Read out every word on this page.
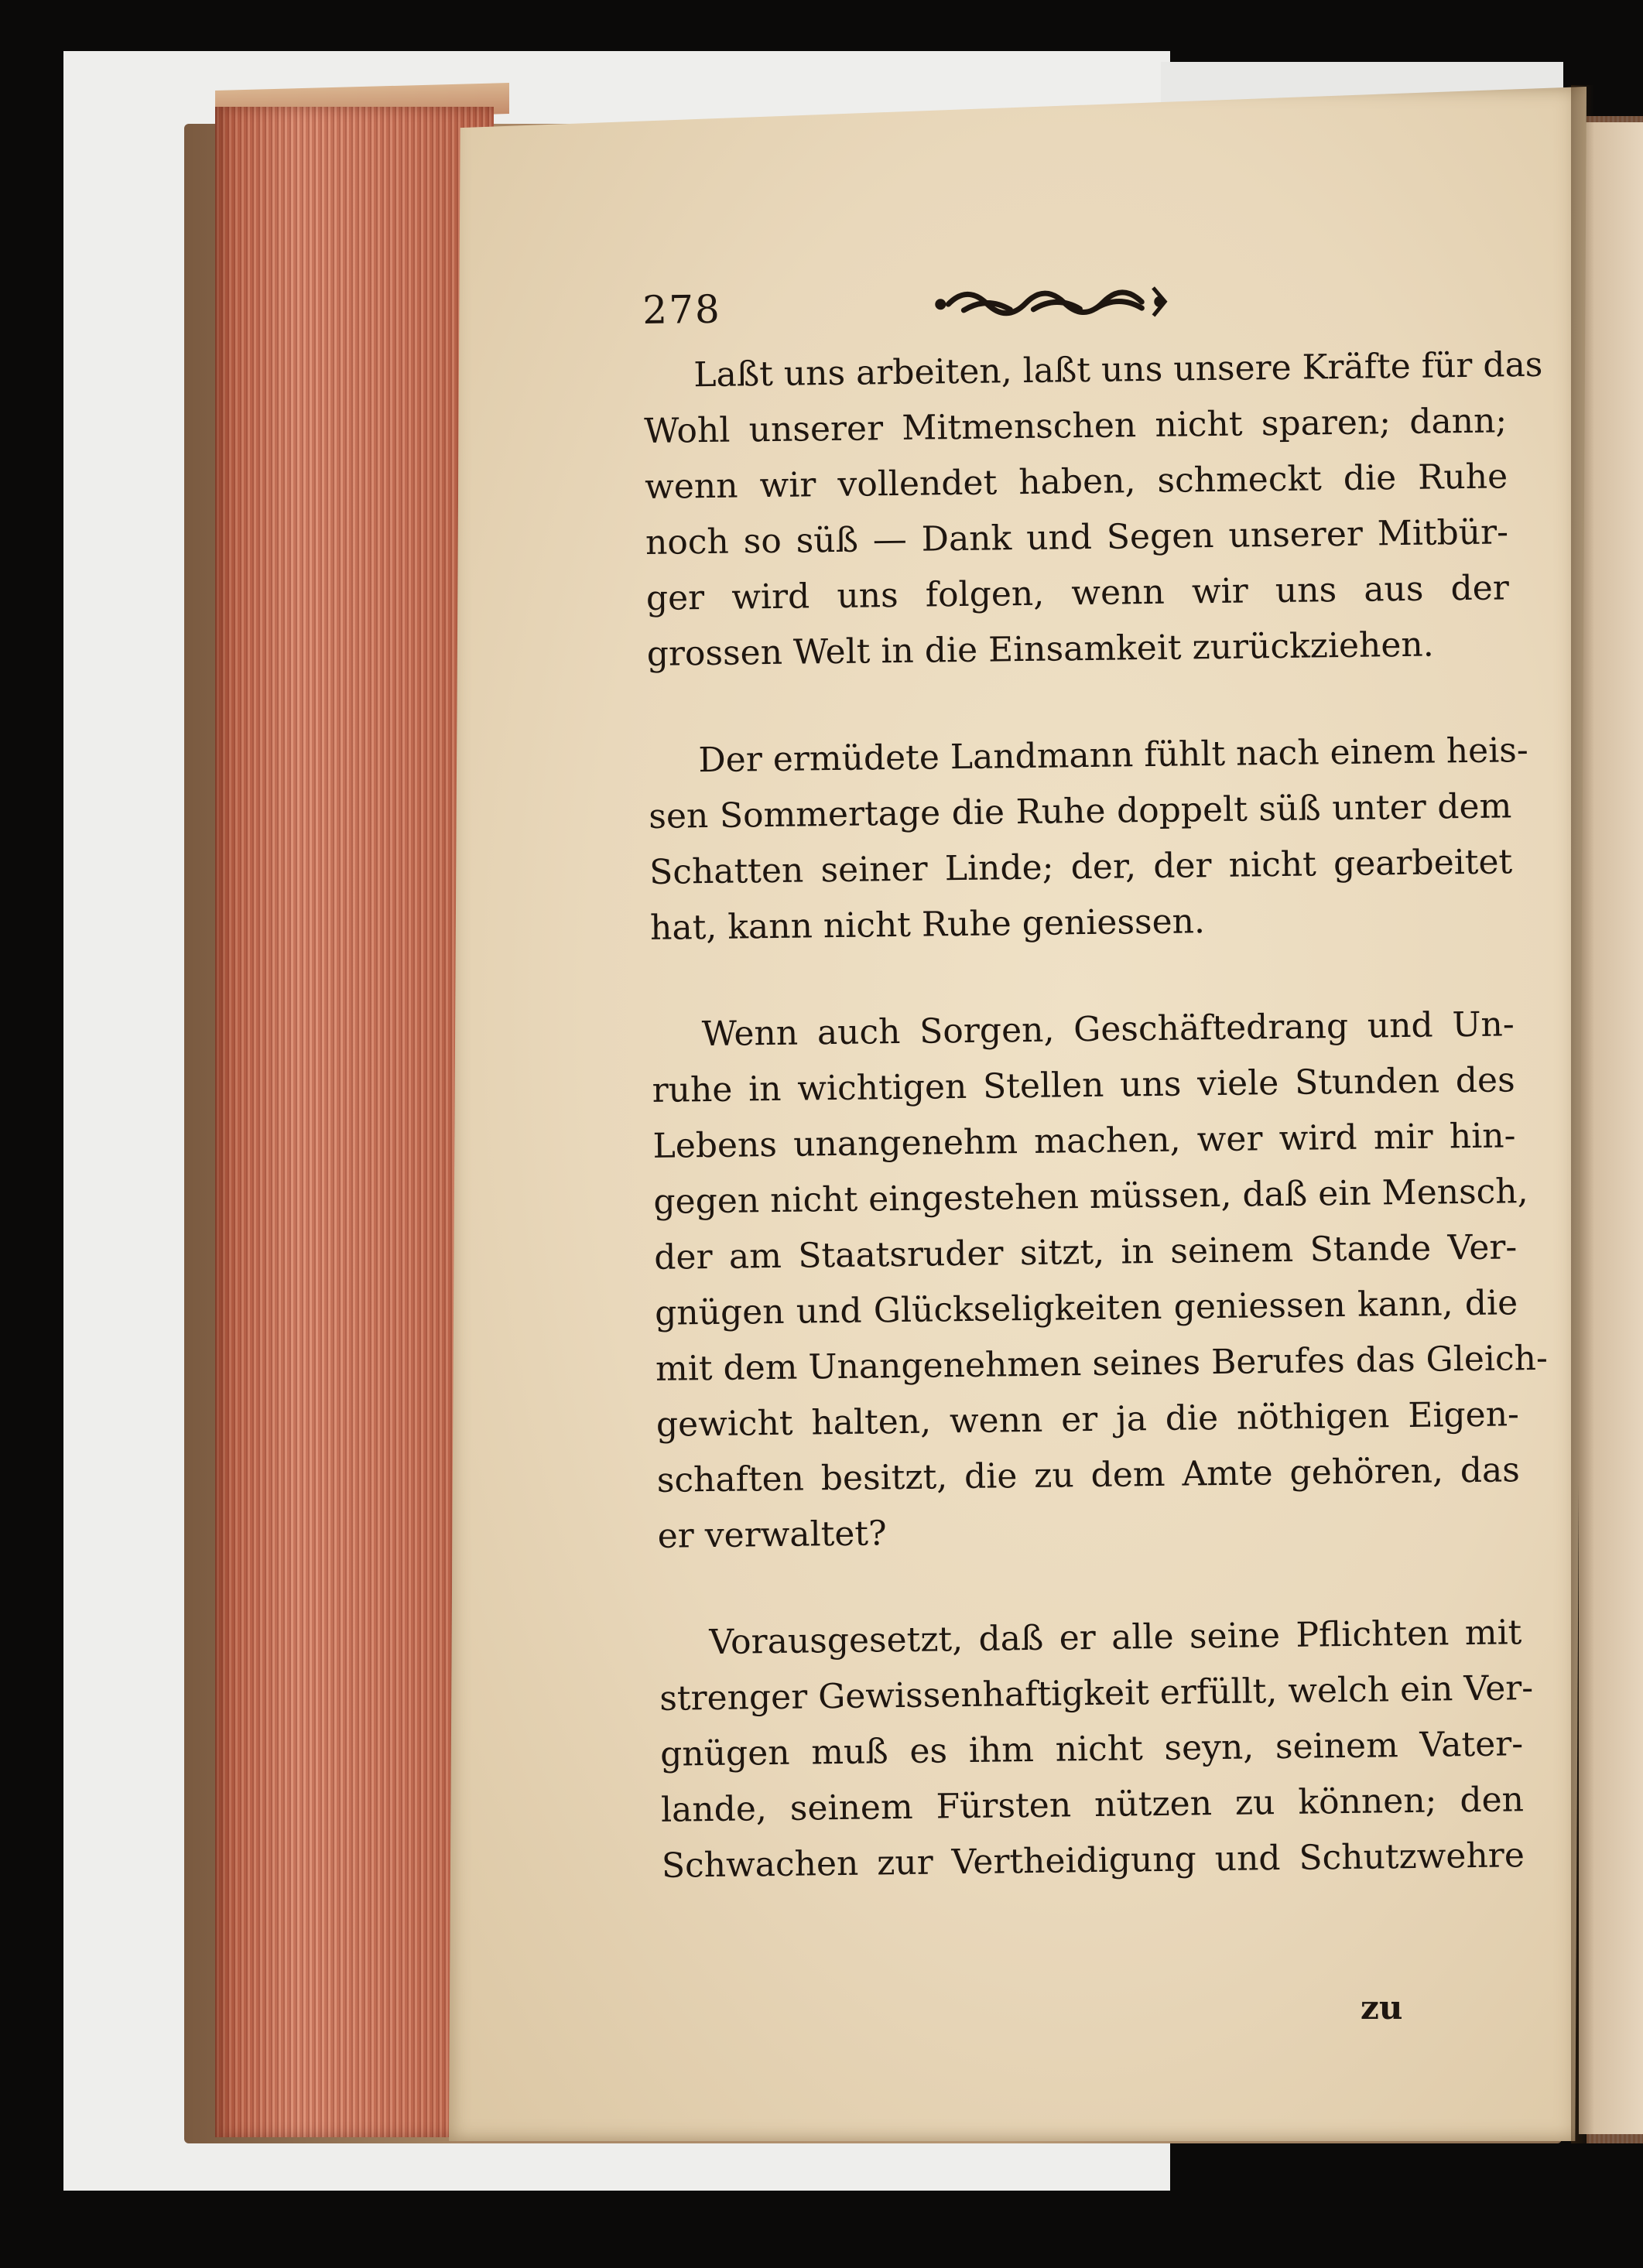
278
Laßt uns arbeiten, laßt uns unsere Kräfte für das
Wohl unserer Mitmenschen nicht sparen; dann;
wenn wir vollendet haben, schmeckt die Ruhe
noch so süß — Dank und Segen unserer Mitbür-
ger wird uns folgen, wenn wir uns aus der
grossen Welt in die Einsamkeit zurückziehen.
Der ermüdete Landmann fühlt nach einem heis-
sen Sommertage die Ruhe doppelt süß unter dem
Schatten seiner Linde; der, der nicht gearbeitet
hat, kann nicht Ruhe geniessen.
Wenn auch Sorgen, Geschäftedrang und Un-
ruhe in wichtigen Stellen uns viele Stunden des
Lebens unangenehm machen, wer wird mir hin-
gegen nicht eingestehen müssen, daß ein Mensch,
der am Staatsruder sitzt, in seinem Stande Ver-
gnügen und Glückseligkeiten geniessen kann, die
mit dem Unangenehmen seines Berufes das Gleich-
gewicht halten, wenn er ja die nöthigen Eigen-
schaften besitzt, die zu dem Amte gehören, das
er verwaltet?
Vorausgesetzt, daß er alle seine Pflichten mit
strenger Gewissenhaftigkeit erfüllt, welch ein Ver-
gnügen muß es ihm nicht seyn, seinem Vater-
lande, seinem Fürsten nützen zu können; den
Schwachen zur Vertheidigung und Schutzwehre
zu
